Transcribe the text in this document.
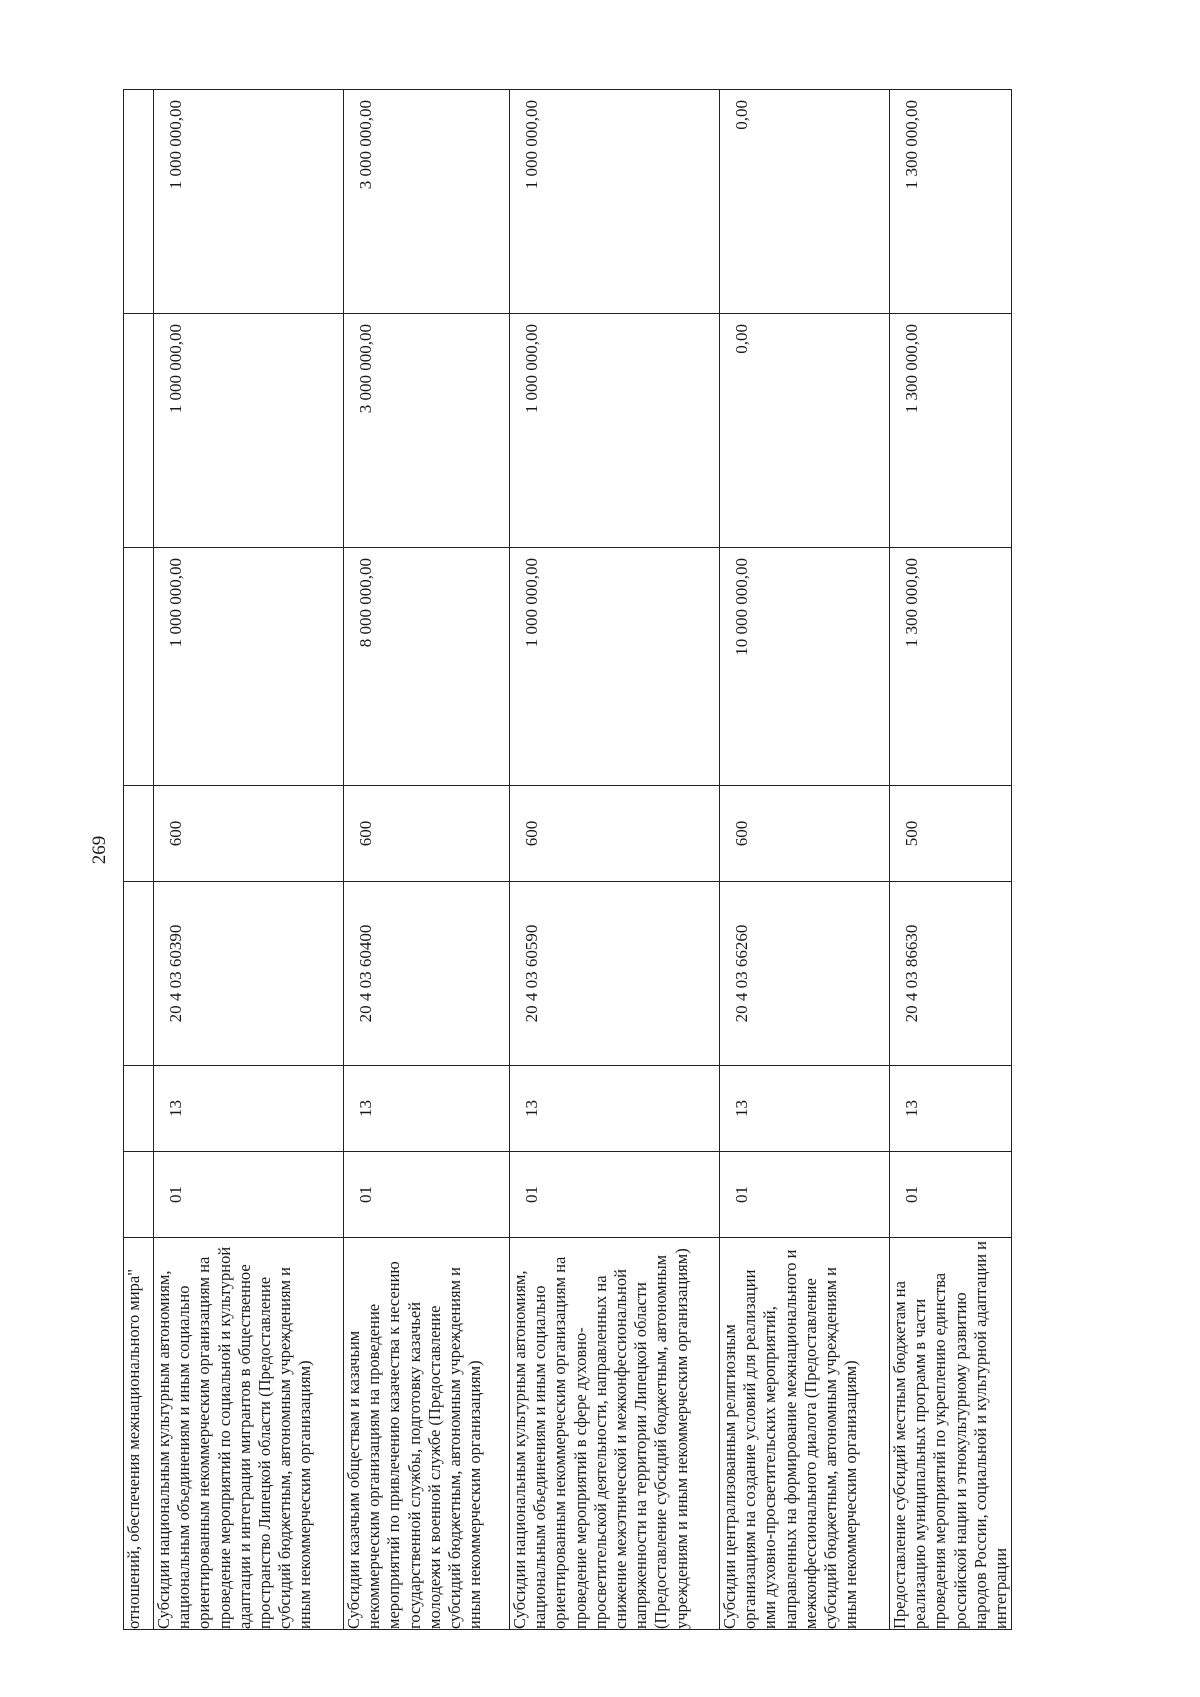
269
отношений, обеспечения межнационального мира"							
Субсидии национальным культурным автономиям, национальным объединениям и иным социально ориентированным некоммерческим организациям на проведение мероприятий по социальной и культурной адаптации и интеграции мигрантов в общественное пространство Липецкой области (Предоставление субсидий бюджетным, автономным учреждениям и иным некоммерческим организациям)	01	13	20 4 03 60390	600	1 000 000,00	1 000 000,00	1 000 000,00

Субсидии казачьим обществам и казачьим некоммерческим организациям на проведение мероприятий по привлечению казачества к несению государственной службы, подготовку казачьей молодежи к военной службе (Предоставление субсидий бюджетным, автономным учреждениям и иным некоммерческим организациям)	01	13	20 4 03 60400	600	8 000 000,00	3 000 000,00	3 000 000,00

Субсидии национальным культурным автономиям, национальным объединениям и иным социально ориентированным некоммерческим организациям на проведение мероприятий в сфере духовно-просветительской деятельности, направленных на снижение межэтнической и межконфессиональной напряженности на территории Липецкой области (Предоставление субсидий бюджетным, автономным учреждениям и иным некоммерческим организациям)	01	13	20 4 03 60590	600	1 000 000,00	1 000 000,00	1 000 000,00

Субсидии централизованным религиозным организациям на создание условий для реализации ими духовно-просветительских мероприятий, направленных на формирование межнационального и межконфессионального диалога (Предоставление субсидий бюджетным, автономным учреждениям и иным некоммерческим организациям)	01	13	20 4 03 66260	600	10 000 000,00	0,00	0,00

Предоставление субсидий местным бюджетам на реализацию муниципальных программ в части проведения мероприятий по укреплению единства российской нации и этнокультурному развитию народов России, социальной и культурной адаптации и интеграции	01	13	20 4 03 86630	500	1 300 000,00	1 300 000,00	1 300 000,00
